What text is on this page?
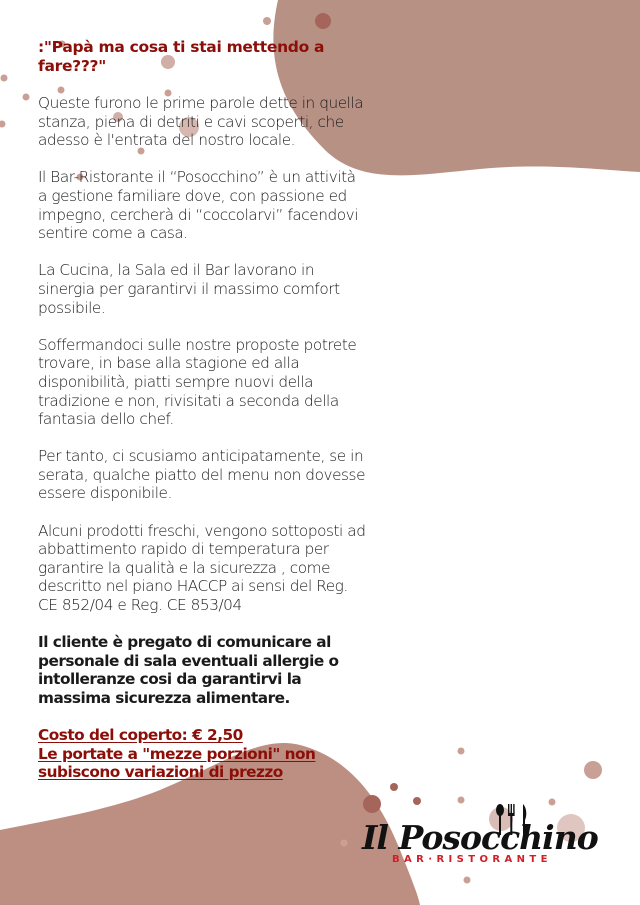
:"Papà ma cosa ti stai mettendo a fare???"

Queste furono le prime parole dette in quella stanza, piena di detriti e cavi scoperti, che adesso è l'entrata del nostro locale.

Il Bar-Ristorante il “Posocchino” è un attività a gestione familiare dove, con passione ed impegno, cercherà di “coccolarvi” facendovi sentire come a casa.

La Cucina, la Sala ed il Bar lavorano in sinergia per garantirvi il massimo comfort possibile.

Soffermandoci sulle nostre proposte potrete trovare, in base alla stagione ed alla disponibilità, piatti sempre nuovi della tradizione e non, rivisitati a seconda della fantasia dello chef.

Per tanto, ci scusiamo anticipatamente, se in serata, qualche piatto del menu non dovesse essere disponibile.

Alcuni prodotti freschi, vengono sottoposti ad abbattimento rapido di temperatura per garantire la qualità e la sicurezza , come descritto nel piano HACCP ai sensi del Reg. CE 852/04 e Reg. CE 853/04

Il cliente è pregato di comunicare al personale di sala eventuali allergie o intolleranze cosi da garantirvi la massima sicurezza alimentare.

Costo del coperto: € 2,50
Le portate a "mezze porzioni" non
subiscono variazioni di prezzo
Il Posocchino
BAR·RISTORANTE
